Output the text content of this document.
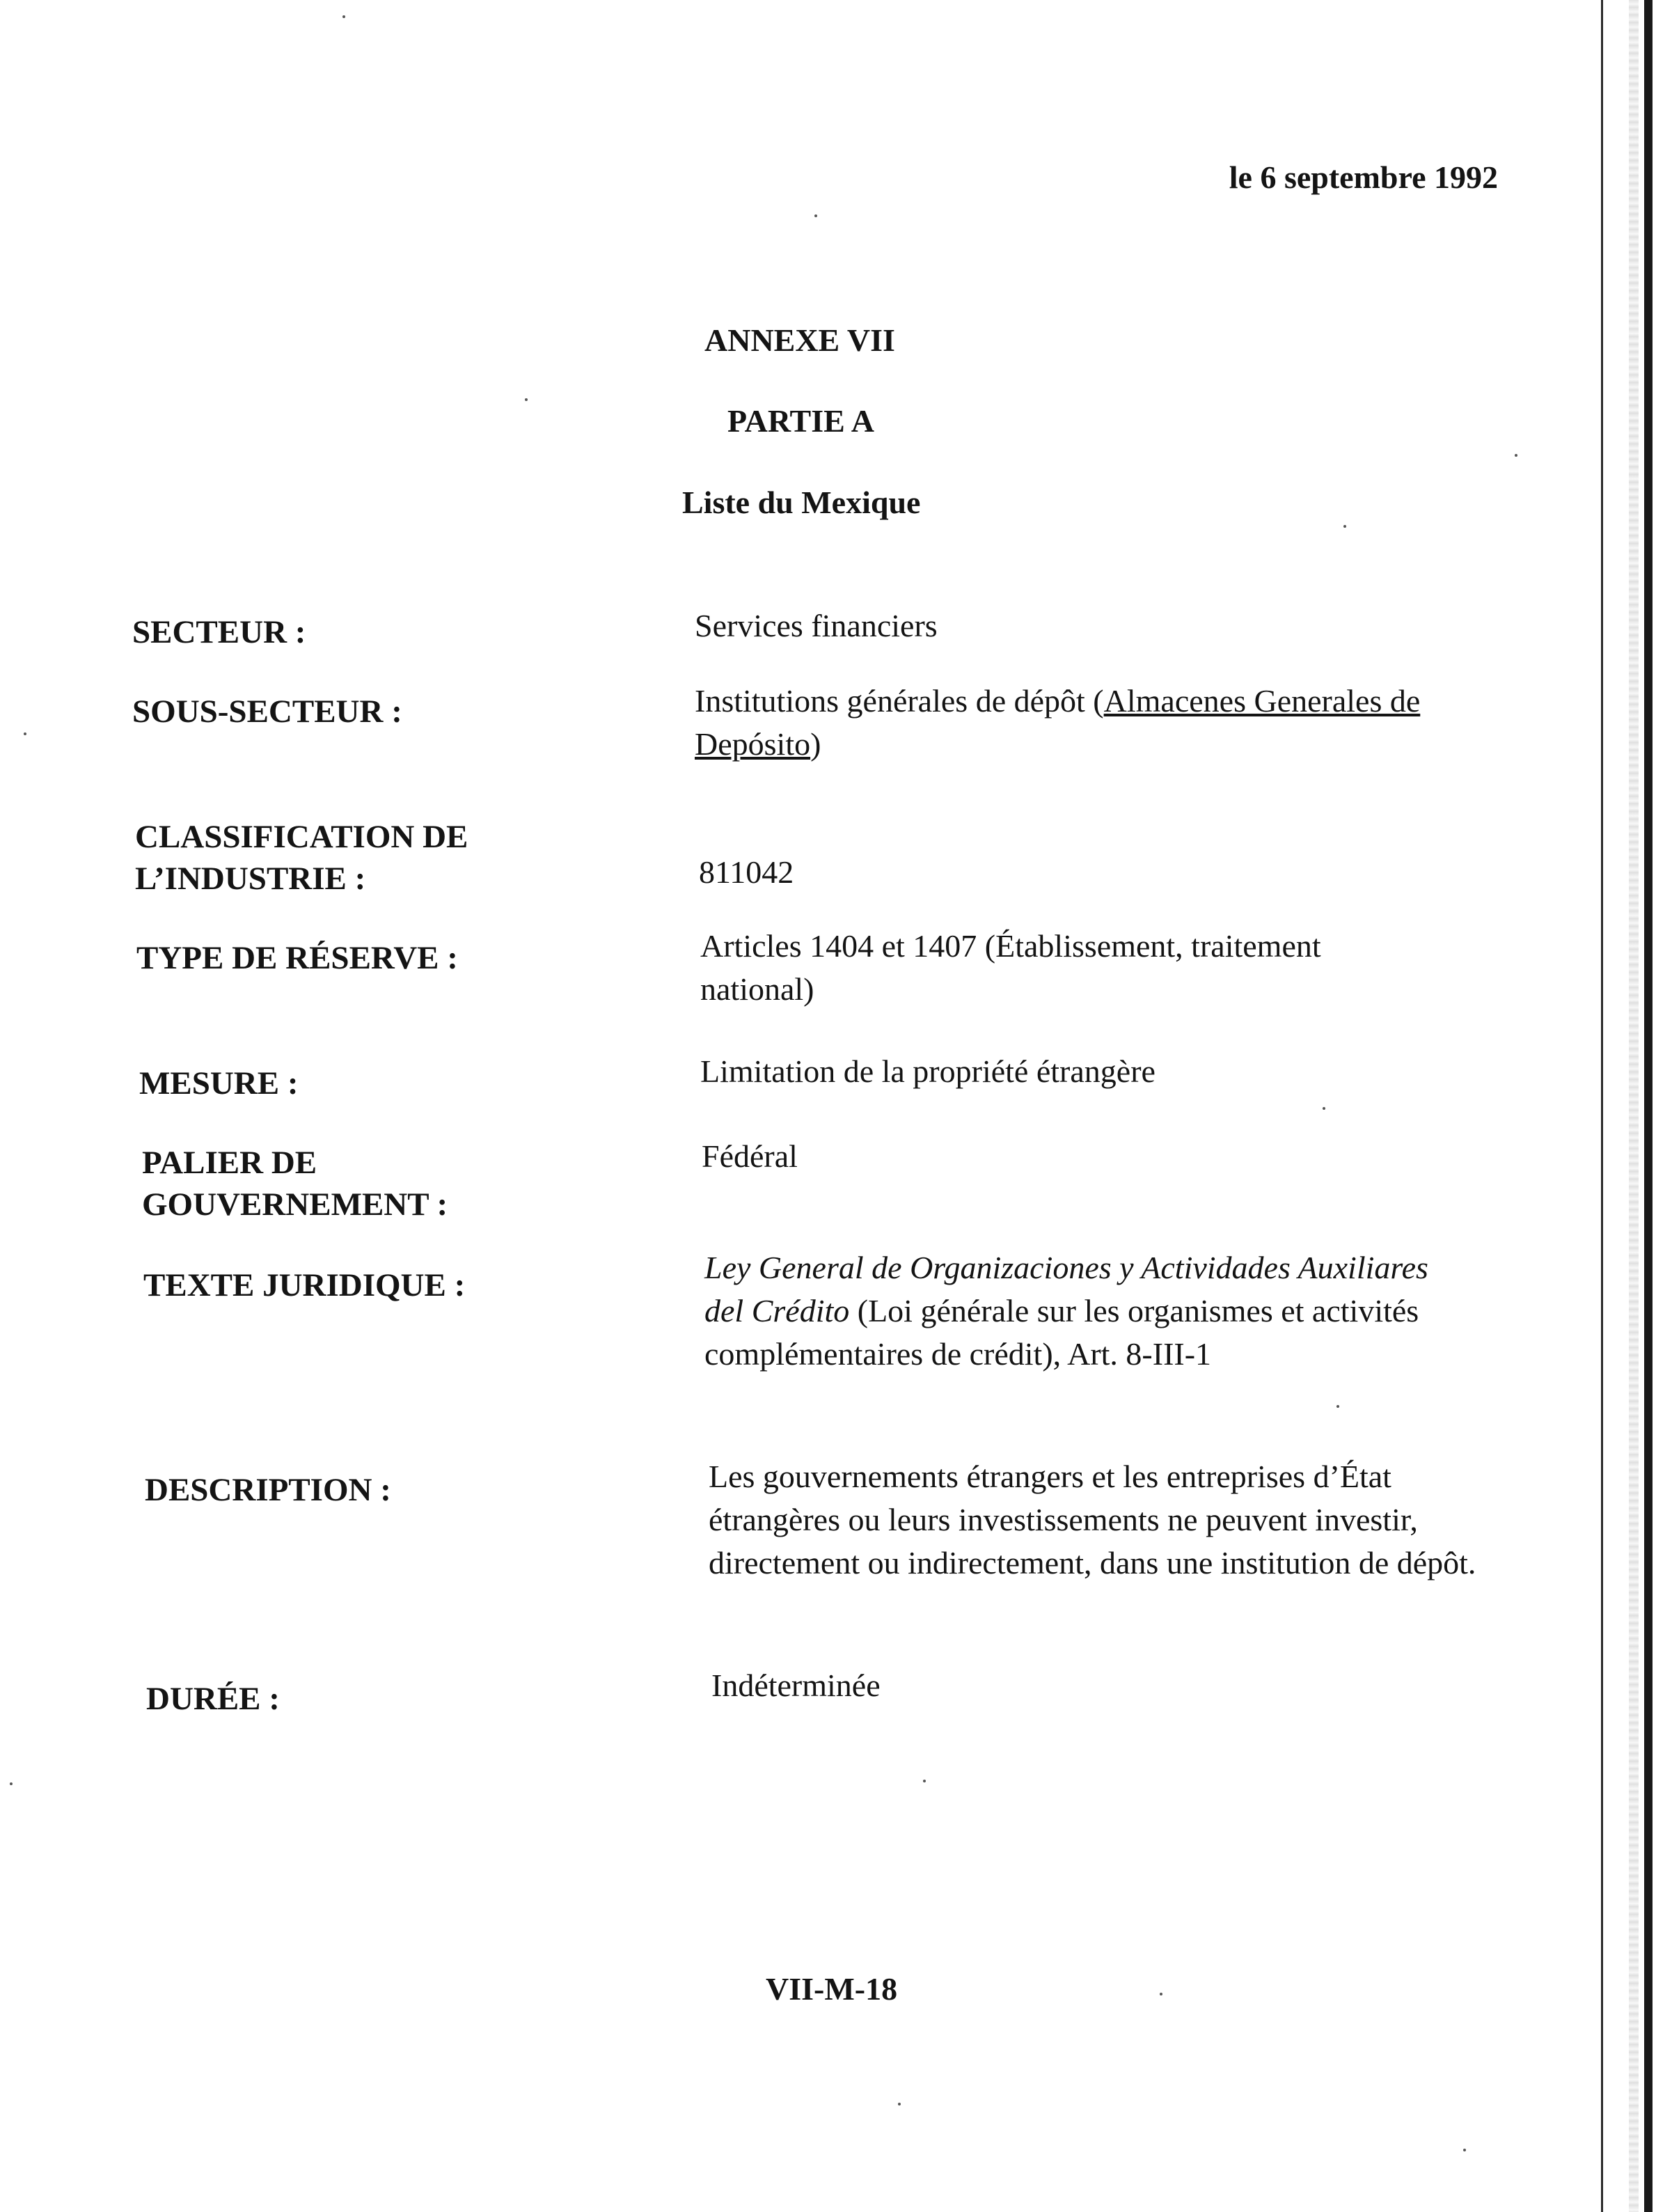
le 6 septembre 1992
ANNEXE VII
PARTIE A
Liste du Mexique
SECTEUR :	Services financiers
SOUS-SECTEUR :	Institutions générales de dépôt (Almacenes Generales de Depósito)
CLASSIFICATION DE
L’INDUSTRIE :	811042
TYPE DE RÉSERVE :	Articles 1404 et 1407 (Établissement, traitement national)
MESURE :	Limitation de la propriété étrangère
PALIER DE
GOUVERNEMENT :
Fédéral
TEXTE JURIDIQUE :	Ley General de Organizaciones y Actividades Auxiliares del Crédito (Loi générale sur les organismes et activités complémentaires de crédit), Art. 8-III-1
DESCRIPTION :	Les gouvernements étrangers et les entreprises d’État étrangères ou leurs investissements ne peuvent investir, directement ou indirectement, dans une institution de dépôt.
DURÉE :	Indéterminée
VII-M-18
